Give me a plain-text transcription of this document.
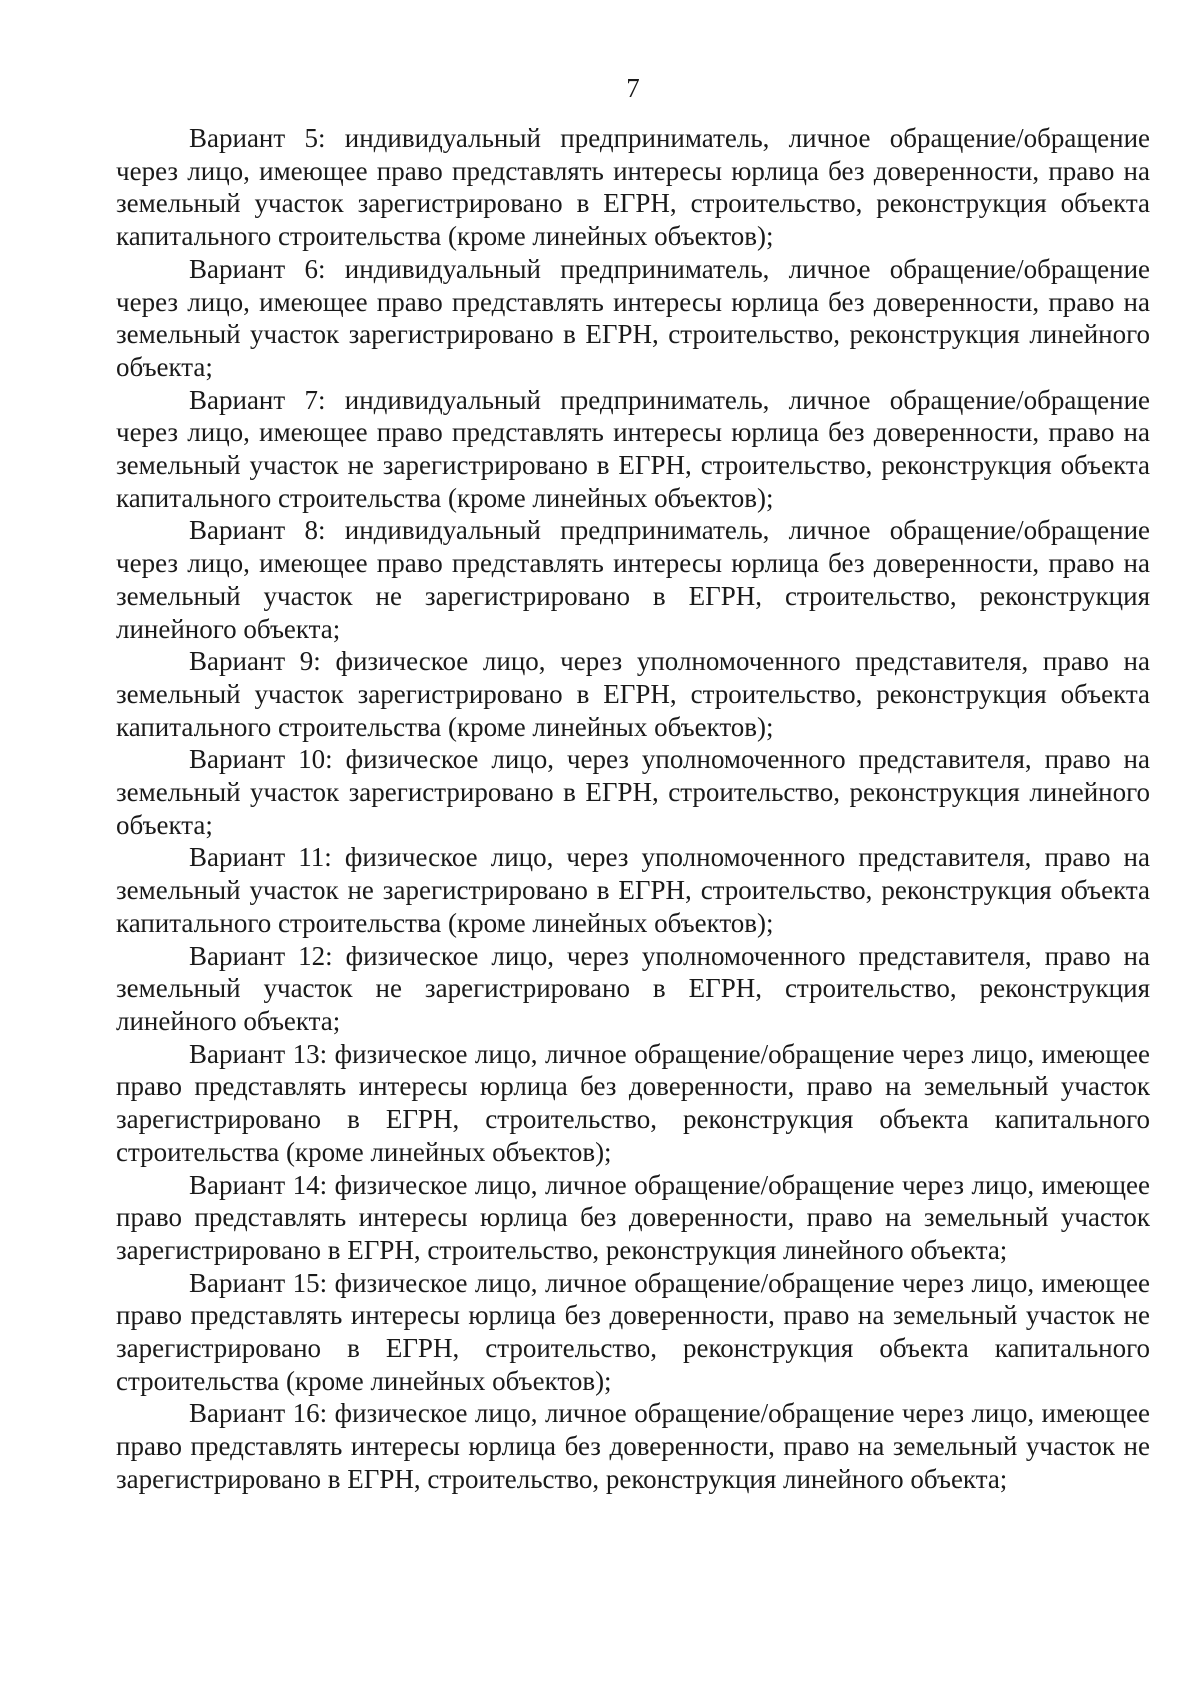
7

Вариант 5: индивидуальный предприниматель, личное обращение/обращение через лицо, имеющее право представлять интересы юрлица без доверенности, право на земельный участок зарегистрировано в ЕГРН, строительство, реконструкция объекта капитального строительства (кроме линейных объектов);

Вариант 6: индивидуальный предприниматель, личное обращение/обращение через лицо, имеющее право представлять интересы юрлица без доверенности, право на земельный участок зарегистрировано в ЕГРН, строительство, реконструкция линейного объекта;

Вариант 7: индивидуальный предприниматель, личное обращение/обращение через лицо, имеющее право представлять интересы юрлица без доверенности, право на земельный участок не зарегистрировано в ЕГРН, строительство, реконструкция объекта капитального строительства (кроме линейных объектов);

Вариант 8: индивидуальный предприниматель, личное обращение/обращение через лицо, имеющее право представлять интересы юрлица без доверенности, право на земельный участок не зарегистрировано в ЕГРН, строительство, реконструкция линейного объекта;

Вариант 9: физическое лицо, через уполномоченного представителя, право на земельный участок зарегистрировано в ЕГРН, строительство, реконструкция объекта капитального строительства (кроме линейных объектов);

Вариант 10: физическое лицо, через уполномоченного представителя, право на земельный участок зарегистрировано в ЕГРН, строительство, реконструкция линейного объекта;

Вариант 11: физическое лицо, через уполномоченного представителя, право на земельный участок не зарегистрировано в ЕГРН, строительство, реконструкция объекта капитального строительства (кроме линейных объектов);

Вариант 12: физическое лицо, через уполномоченного представителя, право на земельный участок не зарегистрировано в ЕГРН, строительство, реконструкция линейного объекта;

Вариант 13: физическое лицо, личное обращение/обращение через лицо, имеющее право представлять интересы юрлица без доверенности, право на земельный участок зарегистрировано в ЕГРН, строительство, реконструкция объекта капитального строительства (кроме линейных объектов);

Вариант 14: физическое лицо, личное обращение/обращение через лицо, имеющее право представлять интересы юрлица без доверенности, право на земельный участок зарегистрировано в ЕГРН, строительство, реконструкция линейного объекта;

Вариант 15: физическое лицо, личное обращение/обращение через лицо, имеющее право представлять интересы юрлица без доверенности, право на земельный участок не зарегистрировано в ЕГРН, строительство, реконструкция объекта капитального строительства (кроме линейных объектов);

Вариант 16: физическое лицо, личное обращение/обращение через лицо, имеющее право представлять интересы юрлица без доверенности, право на земельный участок не зарегистрировано в ЕГРН, строительство, реконструкция линейного объекта;
